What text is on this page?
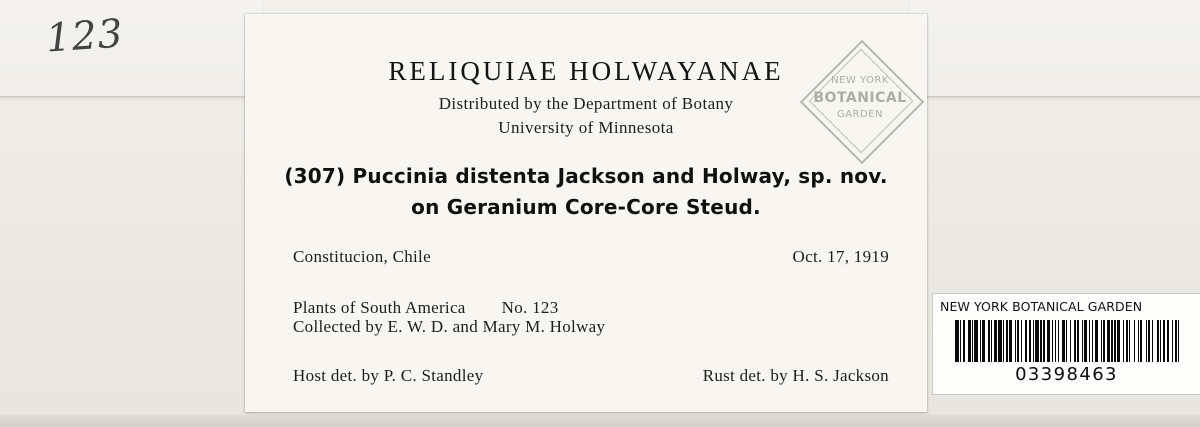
123
RELIQUIAE HOLWAYANAE
Distributed by the Department of Botany
University of Minnesota
(307) Puccinia distenta Jackson and Holway, sp. nov.
on Geranium Core-Core Steud.
Constitucion, Chile	Oct. 17, 1919
Plants of South America No. 123
Collected by E. W. D. and Mary M. Holway
Host det. by P. C. Standley	Rust det. by H. S. Jackson
NEW YORK
BOTANICAL
GARDEN
NEW YORK BOTANICAL GARDEN
03398463
